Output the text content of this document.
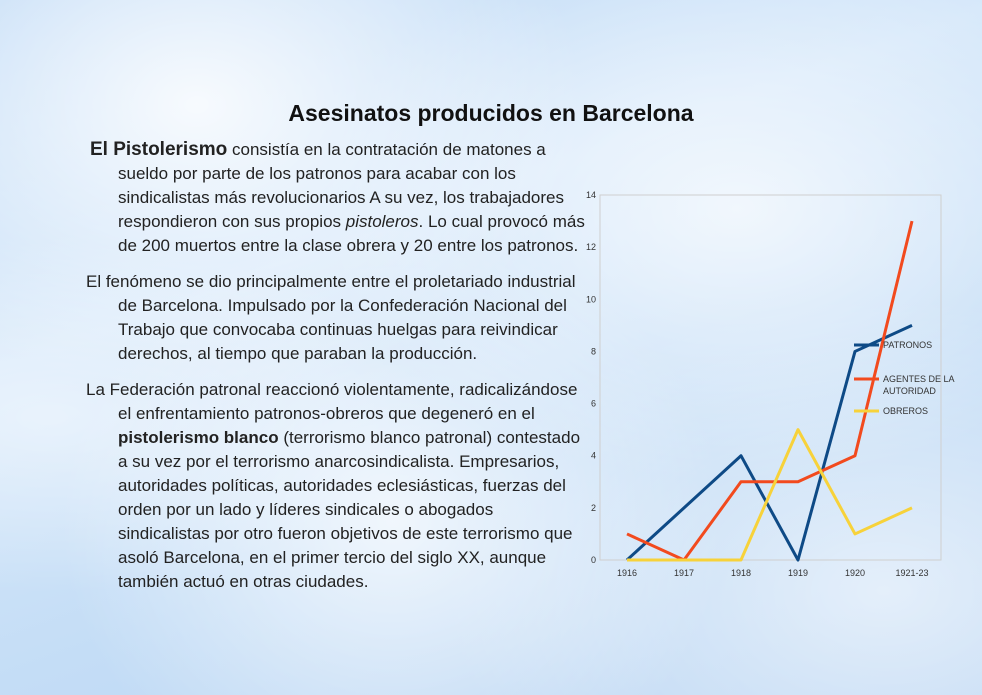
Asesinatos producidos en Barcelona

El Pistolerismo consistía en la contratación de matones a sueldo por parte de los patronos para acabar con los sindicalistas más revolucionarios A su vez, los trabajadores respondieron con sus propios pistoleros. Lo cual provocó más de 200 muertos entre la clase obrera y 20 entre los patronos.

El fenómeno se dio principalmente entre el proletariado industrial de Barcelona. Impulsado por la Confederación Nacional del Trabajo que convocaba continuas huelgas para reivindicar derechos, al tiempo que paraban la producción.

La Federación patronal reaccionó violentamente, radicalizándose el enfrentamiento patronos-obreros que degeneró en el pistolerismo blanco (terrorismo blanco patronal) contestado a su vez por el terrorismo anarcosindicalista. Empresarios, autoridades políticas, autoridades eclesiásticas, fuerzas del orden por un lado y líderes sindicales o abogados sindicalistas por otro fueron objetivos de este terrorismo que asoló Barcelona, en el primer tercio del siglo XX, aunque también actuó en otras ciudades.

0
2
4
6
8
10
12
14
1916	1917	1918	1919	1920	1921-23
PATRONOS
AGENTES DE LA AUTORIDAD
OBREROS
